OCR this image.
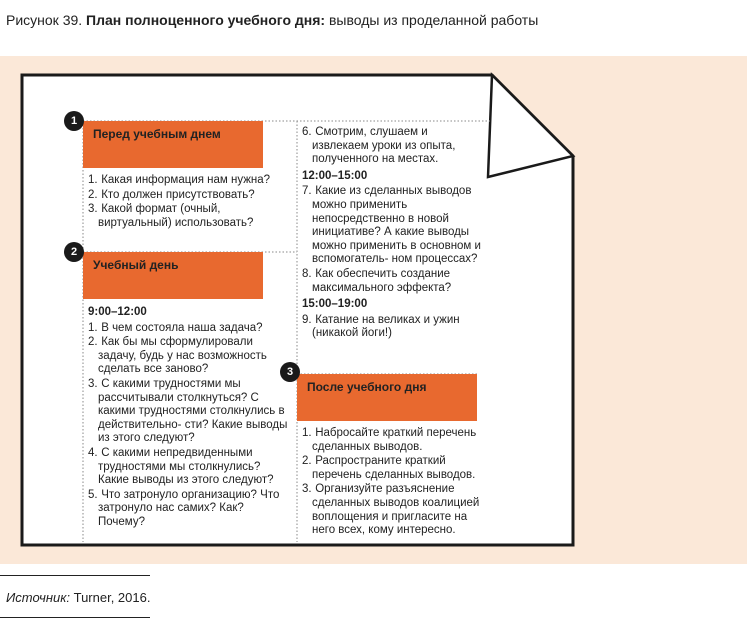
Рисунок 39. План полноценного учебного дня: выводы из проделанной работы
Перед учебным днем
1
1. Какая информация нам нужна?
2. Кто должен присутствовать?
3. Какой формат (очный, виртуальный) использовать?
Учебный день
2
9:00–12:00
1. В чем состояла наша задача?
2. Как бы мы сформулировали задачу, будь у нас возможность сделать все заново?
3. С какими трудностями мы рассчитывали столкнуться? С какими трудностями столкнулись в действительно- сти? Какие выводы из этого следуют?
4. С какими непредвиденными трудностями мы столкнулись? Какие выводы из этого следуют?
5. Что затронуло организацию? Что затронуло нас самих? Как? Почему?
6. Смотрим, слушаем и извлекаем уроки из опыта, полученного на местах.
12:00–15:00
7. Какие из сделанных выводов можно применить непосредственно в новой инициативе? А какие выводы можно применить в основном и вспомогатель- ном процессах?
8. Как обеспечить создание максимального эффекта?
15:00–19:00
9. Катание на великах и ужин (никакой йоги!)
После учебного дня
3
1. Набросайте краткий перечень сделанных выводов.
2. Распространите краткий перечень сделанных выводов.
3. Организуйте разъяснение сделанных выводов коалицией воплощения и пригласите на него всех, кому интересно.
Источник: Turner, 2016.
